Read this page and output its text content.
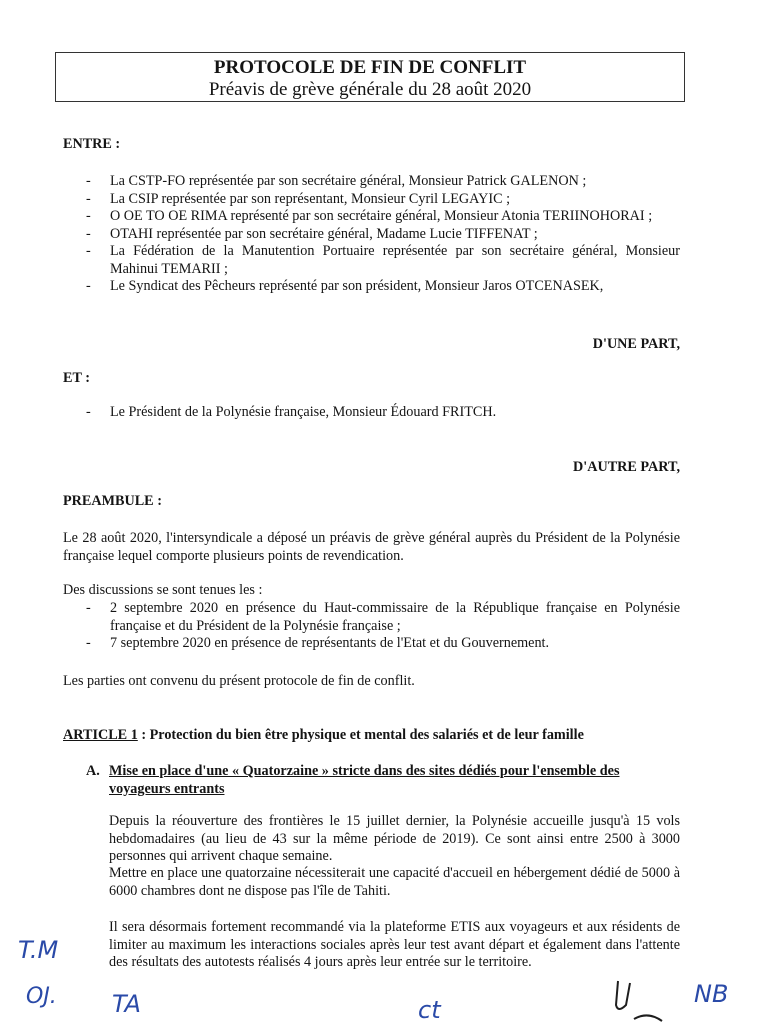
PROTOCOLE DE FIN DE CONFLIT
Préavis de grève générale du 28 août 2020
ENTRE :
- La CSTP-FO représentée par son secrétaire général, Monsieur Patrick GALENON ;
- La CSIP représentée par son représentant, Monsieur Cyril LEGAYIC ;
- O OE TO OE RIMA représenté par son secrétaire général, Monsieur Atonia TERIINOHORAI ;
- OTAHI représentée par son secrétaire général, Madame Lucie TIFFENAT ;
- La Fédération de la Manutention Portuaire représentée par son secrétaire général, Monsieur Mahinui TEMARII ;
- Le Syndicat des Pêcheurs représenté par son président, Monsieur Jaros OTCENASEK,
D'UNE PART,
ET :
- Le Président de la Polynésie française, Monsieur Édouard FRITCH.
D'AUTRE PART,
PREAMBULE :
Le 28 août 2020, l'intersyndicale a déposé un préavis de grève général auprès du Président de la Polynésie française lequel comporte plusieurs points de revendication.
Des discussions se sont tenues les :
- 2 septembre 2020 en présence du Haut-commissaire de la République française en Polynésie française et du Président de la Polynésie française ;
- 7 septembre 2020 en présence de représentants de l'Etat et du Gouvernement.
Les parties ont convenu du présent protocole de fin de conflit.
ARTICLE 1 : Protection du bien être physique et mental des salariés et de leur famille
A. Mise en place d'une « Quatorzaine » stricte dans des sites dédiés pour l'ensemble des voyageurs entrants
Depuis la réouverture des frontières le 15 juillet dernier, la Polynésie accueille jusqu'à 15 vols hebdomadaires (au lieu de 43 sur la même période de 2019). Ce sont ainsi entre 2500 à 3000 personnes qui arrivent chaque semaine.
Mettre en place une quatorzaine nécessiterait une capacité d'accueil en hébergement dédié de 5000 à 6000 chambres dont ne dispose pas l'île de Tahiti.
Il sera désormais fortement recommandé via la plateforme ETIS aux voyageurs et aux résidents de limiter au maximum les interactions sociales après leur test avant départ et également dans l'attente des résultats des autotests réalisés 4 jours après leur entrée sur le territoire.
T.M
OJ. TA	ct
NB
